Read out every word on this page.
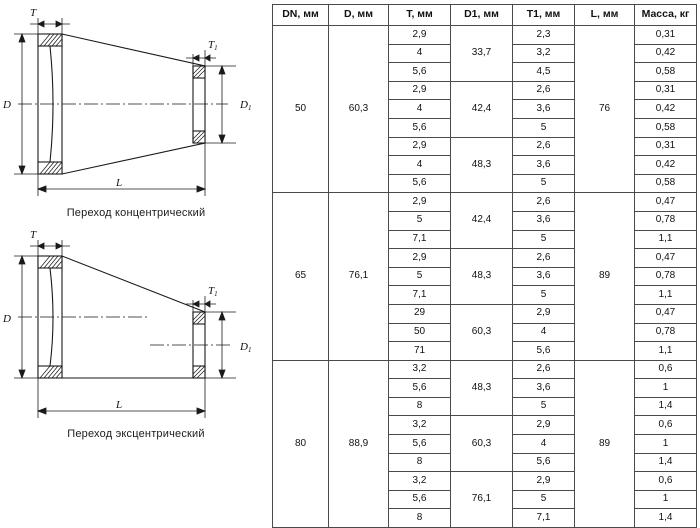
D
T
T1
D1
L
Переход концентрический
D
T
T1
D1
L
Переход эксцентрический
DN, мм	D, мм	T, мм	D1, мм	T1, мм	L, мм	Масса, кг
50	60,3	2,9	33,7	2,3	76	0,31
		4		3,2		0,42
		5,6		4,5		0,58
		2,9	42,4	2,6		0,31
		4		3,6		0,42
		5,6		5		0,58
		2,9	48,3	2,6		0,31
		4		3,6		0,42
		5,6		5		0,58
65	76,1	2,9	42,4	2,6	89	0,47
		5		3,6		0,78
		7,1		5		1,1
		2,9	48,3	2,6		0,47
		5		3,6		0,78
		7,1		5		1,1
		29	60,3	2,9		0,47
		50		4		0,78
		71		5,6		1,1
80	88,9	3,2	48,3	2,6	89	0,6
		5,6		3,6		1
		8		5		1,4
		3,2	60,3	2,9		0,6
		5,6		4		1
		8		5,6		1,4
		3,2	76,1	2,9		0,6
		5,6		5		1
		8		7,1		1,4
